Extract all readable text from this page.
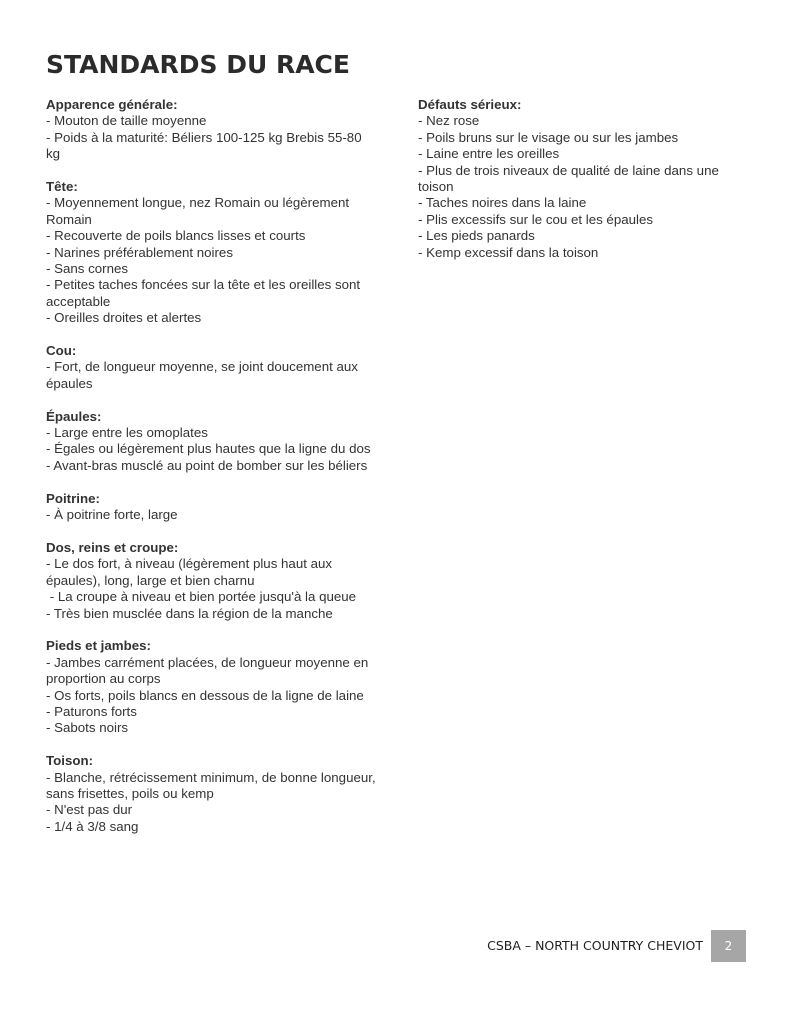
STANDARDS DU RACE
Apparence générale:
- Mouton de taille moyenne
- Poids à la maturité: Béliers 100-125 kg Brebis 55-80 kg
Tête:
- Moyennement longue, nez Romain ou légèrement Romain
- Recouverte de poils blancs lisses et courts
- Narines préférablement noires
- Sans cornes
- Petites taches foncées sur la tête et les oreilles sont acceptable
- Oreilles droites et alertes
Cou:
- Fort, de longueur moyenne, se joint doucement aux épaules
Épaules:
- Large entre les omoplates
- Égales ou légèrement plus hautes que la ligne du dos
- Avant-bras musclé au point de bomber sur les béliers
Poitrine:
- À poitrine forte, large
Dos, reins et croupe:
- Le dos fort, à niveau (légèrement plus haut aux épaules), long, large et bien charnu
- La croupe à niveau et bien portée jusqu'à la queue
- Très bien musclée dans la région de la manche
Pieds et jambes:
- Jambes carrément placées, de longueur moyenne en proportion au corps
- Os forts, poils blancs en dessous de la ligne de laine
- Paturons forts
- Sabots noirs
Toison:
- Blanche, rétrécissement minimum, de bonne longueur, sans frisettes, poils ou kemp
- N'est pas dur
- 1/4 à 3/8 sang
Défauts sérieux:
- Nez rose
- Poils bruns sur le visage ou sur les jambes
- Laine entre les oreilles
- Plus de trois niveaux de qualité de laine dans une toison
- Taches noires dans la laine
- Plis excessifs sur le cou et les épaules
- Les pieds panards
- Kemp excessif dans la toison
CSBA – NORTH COUNTRY CHEVIOT	2
